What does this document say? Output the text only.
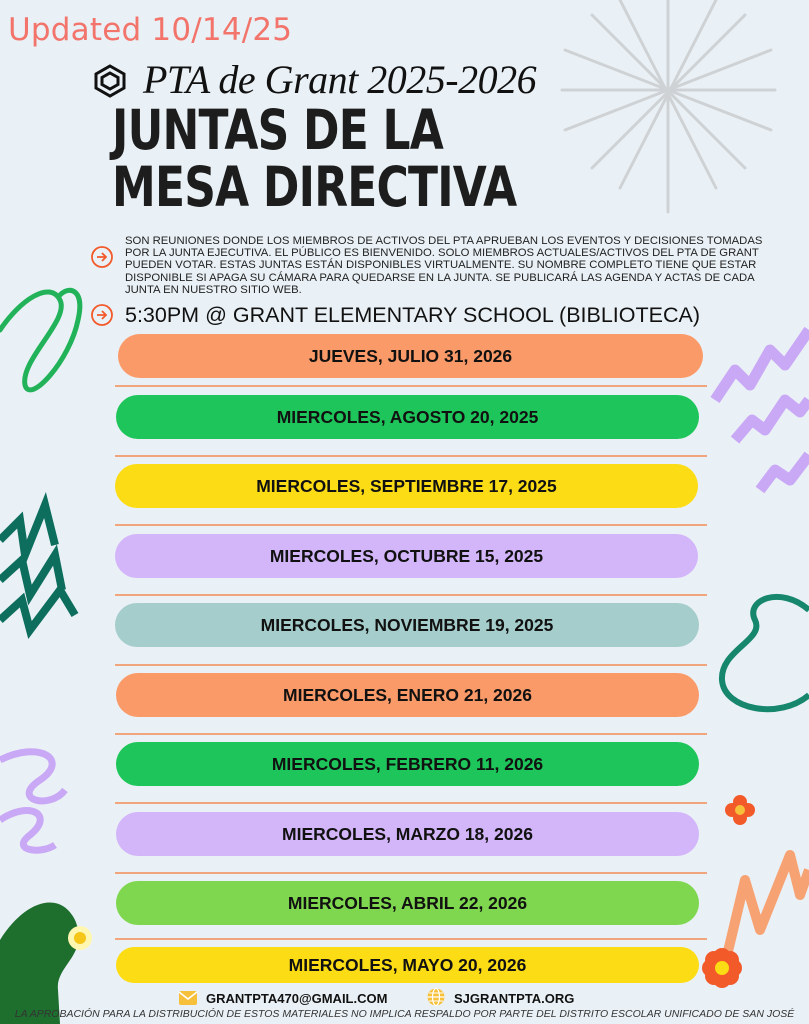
Updated 10/14/25
PTA de Grant 2025-2026
JUNTAS DE LA MESA DIRECTIVA
SON REUNIONES DONDE LOS MIEMBROS DE ACTIVOS DEL PTA APRUEBAN LOS EVENTOS Y DECISIONES TOMADAS POR LA JUNTA EJECUTIVA. EL PÚBLICO ES BIENVENIDO. SOLO MIEMBROS ACTUALES/ACTIVOS DEL PTA DE GRANT PUEDEN VOTAR. ESTAS JUNTAS ESTÁN DISPONIBLES VIRTUALMENTE. SU NOMBRE COMPLETO TIENE QUE ESTAR DISPONIBLE SI APAGA SU CÁMARA PARA QUEDARSE EN LA JUNTA. SE PUBLICARÁ LAS AGENDA Y ACTAS DE CADA JUNTA EN NUESTRO SITIO WEB.
5:30PM @ GRANT ELEMENTARY SCHOOL (BIBLIOTECA)
JUEVES, JULIO 31, 2026
MIERCOLES, AGOSTO 20, 2025
MIERCOLES, SEPTIEMBRE 17, 2025
MIERCOLES, OCTUBRE 15, 2025
MIERCOLES, NOVIEMBRE 19, 2025
MIERCOLES, ENERO 21, 2026
MIERCOLES, FEBRERO 11, 2026
MIERCOLES, MARZO 18, 2026
MIERCOLES, ABRIL 22, 2026
MIERCOLES, MAYO 20, 2026
GRANTPTA470@GMAIL.COM	SJGRANTPTA.ORG
LA APROBACIÓN PARA LA DISTRIBUCIÓN DE ESTOS MATERIALES NO IMPLICA RESPALDO POR PARTE DEL DISTRITO ESCOLAR UNIFICADO DE SAN JOSÉ
